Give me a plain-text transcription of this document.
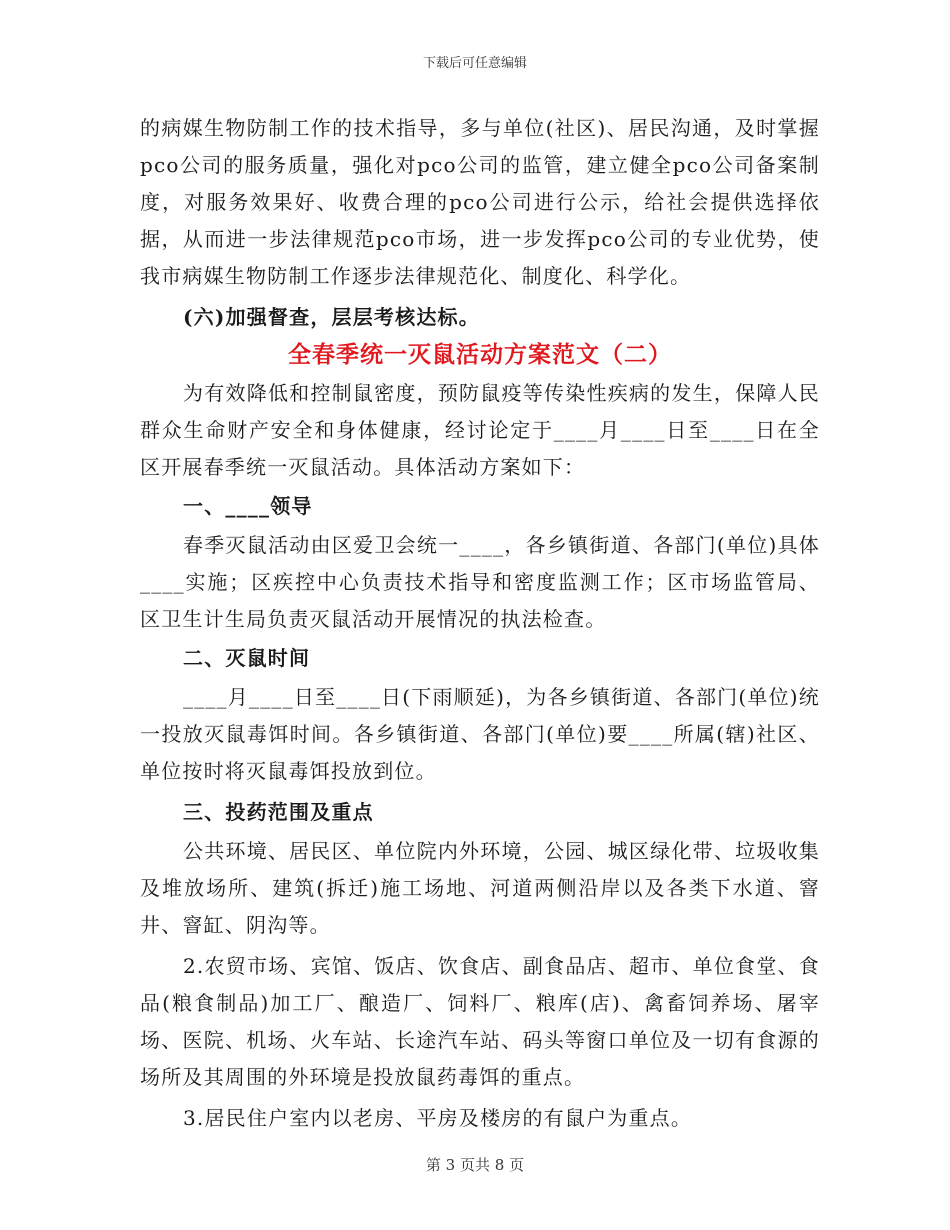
下载后可任意编辑

的病媒生物防制工作的技术指导，多与单位(社区)、居民沟通，及时掌握pco公司的服务质量，强化对pco公司的监管，建立健全pco公司备案制度，对服务效果好、收费合理的pco公司进行公示，给社会提供选择依据，从而进一步法律规范pco市场，进一步发挥pco公司的专业优势，使我市病媒生物防制工作逐步法律规范化、制度化、科学化。

(六)加强督查，层层考核达标。

全春季统一灭鼠活动方案范文（二）

为有效降低和控制鼠密度，预防鼠疫等传染性疾病的发生，保障人民群众生命财产安全和身体健康，经讨论定于____月____日至____日在全区开展春季统一灭鼠活动。具体活动方案如下：

一、____领导

春季灭鼠活动由区爱卫会统一____，各乡镇街道、各部门(单位)具体____实施；区疾控中心负责技术指导和密度监测工作；区市场监管局、区卫生计生局负责灭鼠活动开展情况的执法检查。

二、灭鼠时间

____月____日至____日(下雨顺延)，为各乡镇街道、各部门(单位)统一投放灭鼠毒饵时间。各乡镇街道、各部门(单位)要____所属(辖)社区、单位按时将灭鼠毒饵投放到位。

三、投药范围及重点

公共环境、居民区、单位院内外环境，公园、城区绿化带、垃圾收集及堆放场所、建筑(拆迁)施工场地、河道两侧沿岸以及各类下水道、窨井、窨缸、阴沟等。

2.农贸市场、宾馆、饭店、饮食店、副食品店、超市、单位食堂、食品(粮食制品)加工厂、酿造厂、饲料厂、粮库(店)、禽畜饲养场、屠宰场、医院、机场、火车站、长途汽车站、码头等窗口单位及一切有食源的场所及其周围的外环境是投放鼠药毒饵的重点。

3.居民住户室内以老房、平房及楼房的有鼠户为重点。

第 3 页共 8 页
